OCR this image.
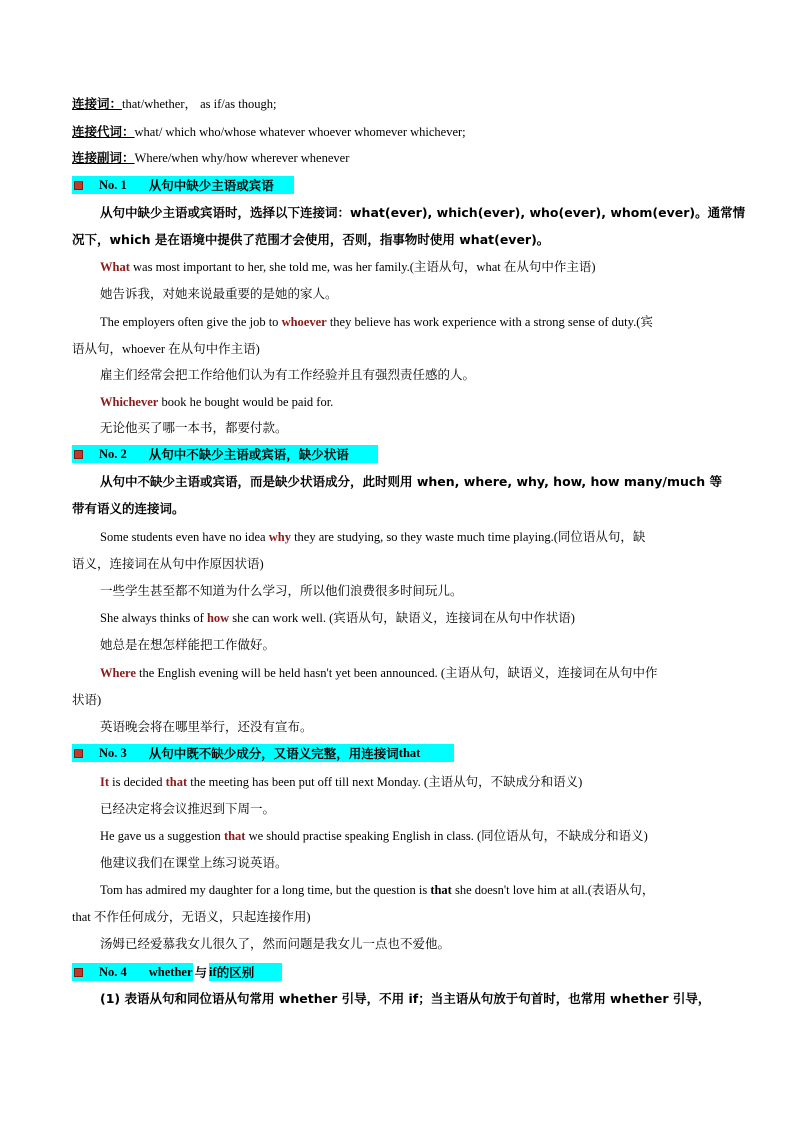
连接词：that/whether， as if/as though;
连接代词：what/ which who/whose whatever whoever whomever whichever;
连接副词：Where/when why/how wherever whenever
No. 1 从句中缺少主语或宾语
从句中缺少主语或宾语时，选择以下连接词：what(ever), which(ever), who(ever), whom(ever)。通常情
况下，which 是在语境中提供了范围才会使用，否则，指事物时使用 what(ever)。
What was most important to her, she told me, was her family.(主语从句，what 在从句中作主语)
她告诉我，对她来说最重要的是她的家人。
The employers often give the job to whoever they believe has work experience with a strong sense of duty.(宾
语从句，whoever 在从句中作主语)
雇主们经常会把工作给他们认为有工作经验并且有强烈责任感的人。
Whichever book he bought would be paid for.
无论他买了哪一本书，都要付款。
No. 2 从句中不缺少主语或宾语，缺少状语
从句中不缺少主语或宾语，而是缺少状语成分，此时则用 when, where, why, how, how many/much 等
带有语义的连接词。
Some students even have no idea why they are studying, so they waste much time playing.(同位语从句，缺
语义，连接词在从句中作原因状语)
一些学生甚至都不知道为什么学习，所以他们浪费很多时间玩儿。
She always thinks of how she can work well. (宾语从句，缺语义，连接词在从句中作状语)
她总是在想怎样能把工作做好。
Where the English evening will be held hasn't yet been announced. (主语从句，缺语义，连接词在从句中作
状语)
英语晚会将在哪里举行，还没有宣布。
No. 3 从句中既不缺少成分，又语义完整，用连接词 that
It is decided that the meeting has been put off till next Monday. (主语从句，不缺成分和语义)
已经决定将会议推迟到下周一。
He gave us a suggestion that we should practise speaking English in class. (同位语从句，不缺成分和语义)
他建议我们在课堂上练习说英语。
Tom has admired my daughter for a long time, but the question is that she doesn't love him at all.(表语从句，
that 不作任何成分，无语义，只起连接作用)
汤姆已经爱慕我女儿很久了，然而问题是我女儿一点也不爱他。
No. 4 whether 与 if 的区别
(1) 表语从句和同位语从句常用 whether 引导，不用 if；当主语从句放于句首时，也常用 whether 引导，
